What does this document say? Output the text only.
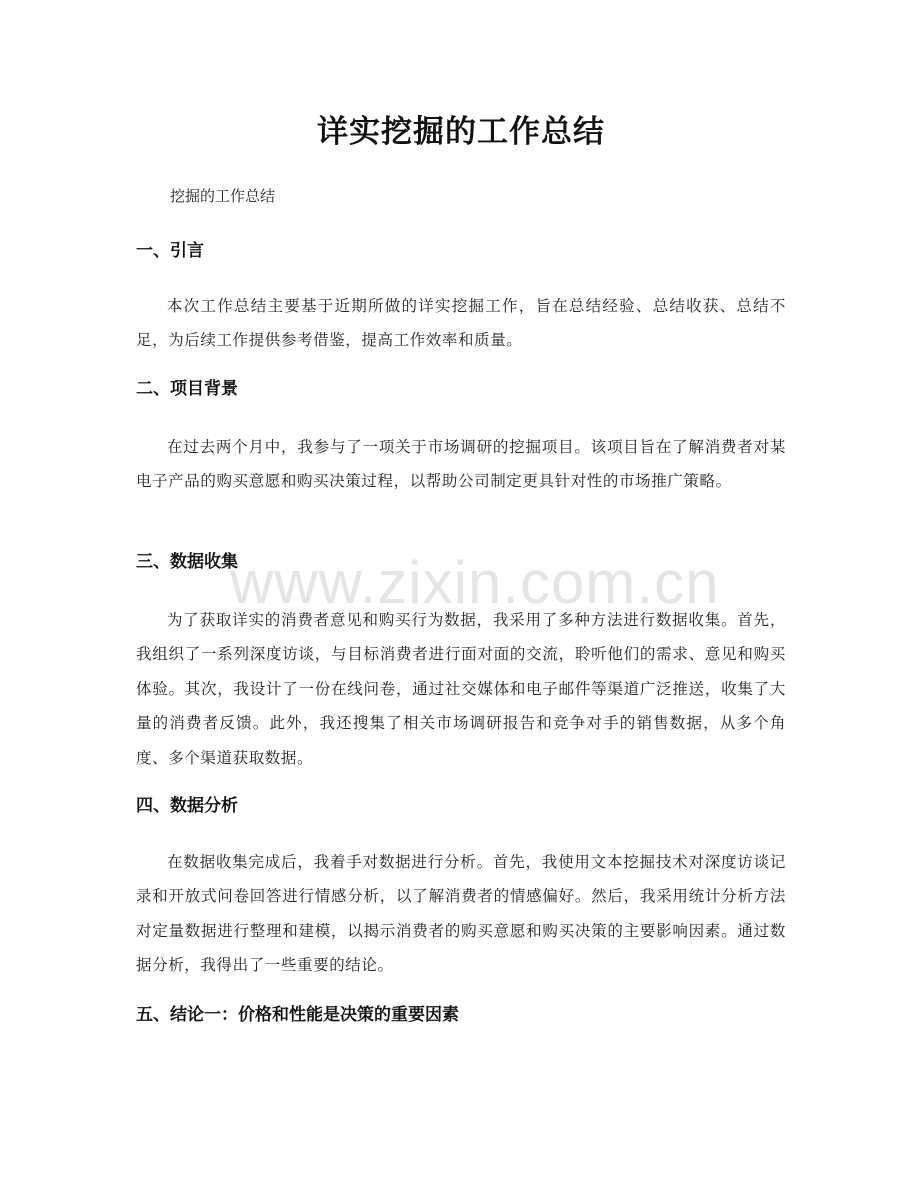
详实挖掘的工作总结

挖掘的工作总结

一、引言

本次工作总结主要基于近期所做的详实挖掘工作，旨在总结经验、总结收获、总结不足，为后续工作提供参考借鉴，提高工作效率和质量。

二、项目背景

在过去两个月中，我参与了一项关于市场调研的挖掘项目。该项目旨在了解消费者对某电子产品的购买意愿和购买决策过程，以帮助公司制定更具针对性的市场推广策略。

三、数据收集

为了获取详实的消费者意见和购买行为数据，我采用了多种方法进行数据收集。首先，我组织了一系列深度访谈，与目标消费者进行面对面的交流，聆听他们的需求、意见和购买体验。其次，我设计了一份在线问卷，通过社交媒体和电子邮件等渠道广泛推送，收集了大量的消费者反馈。此外，我还搜集了相关市场调研报告和竞争对手的销售数据，从多个角度、多个渠道获取数据。

四、数据分析

在数据收集完成后，我着手对数据进行分析。首先，我使用文本挖掘技术对深度访谈记录和开放式问卷回答进行情感分析，以了解消费者的情感偏好。然后，我采用统计分析方法对定量数据进行整理和建模，以揭示消费者的购买意愿和购买决策的主要影响因素。通过数据分析，我得出了一些重要的结论。

五、结论一：价格和性能是决策的重要因素
www.zixin.com.cn
